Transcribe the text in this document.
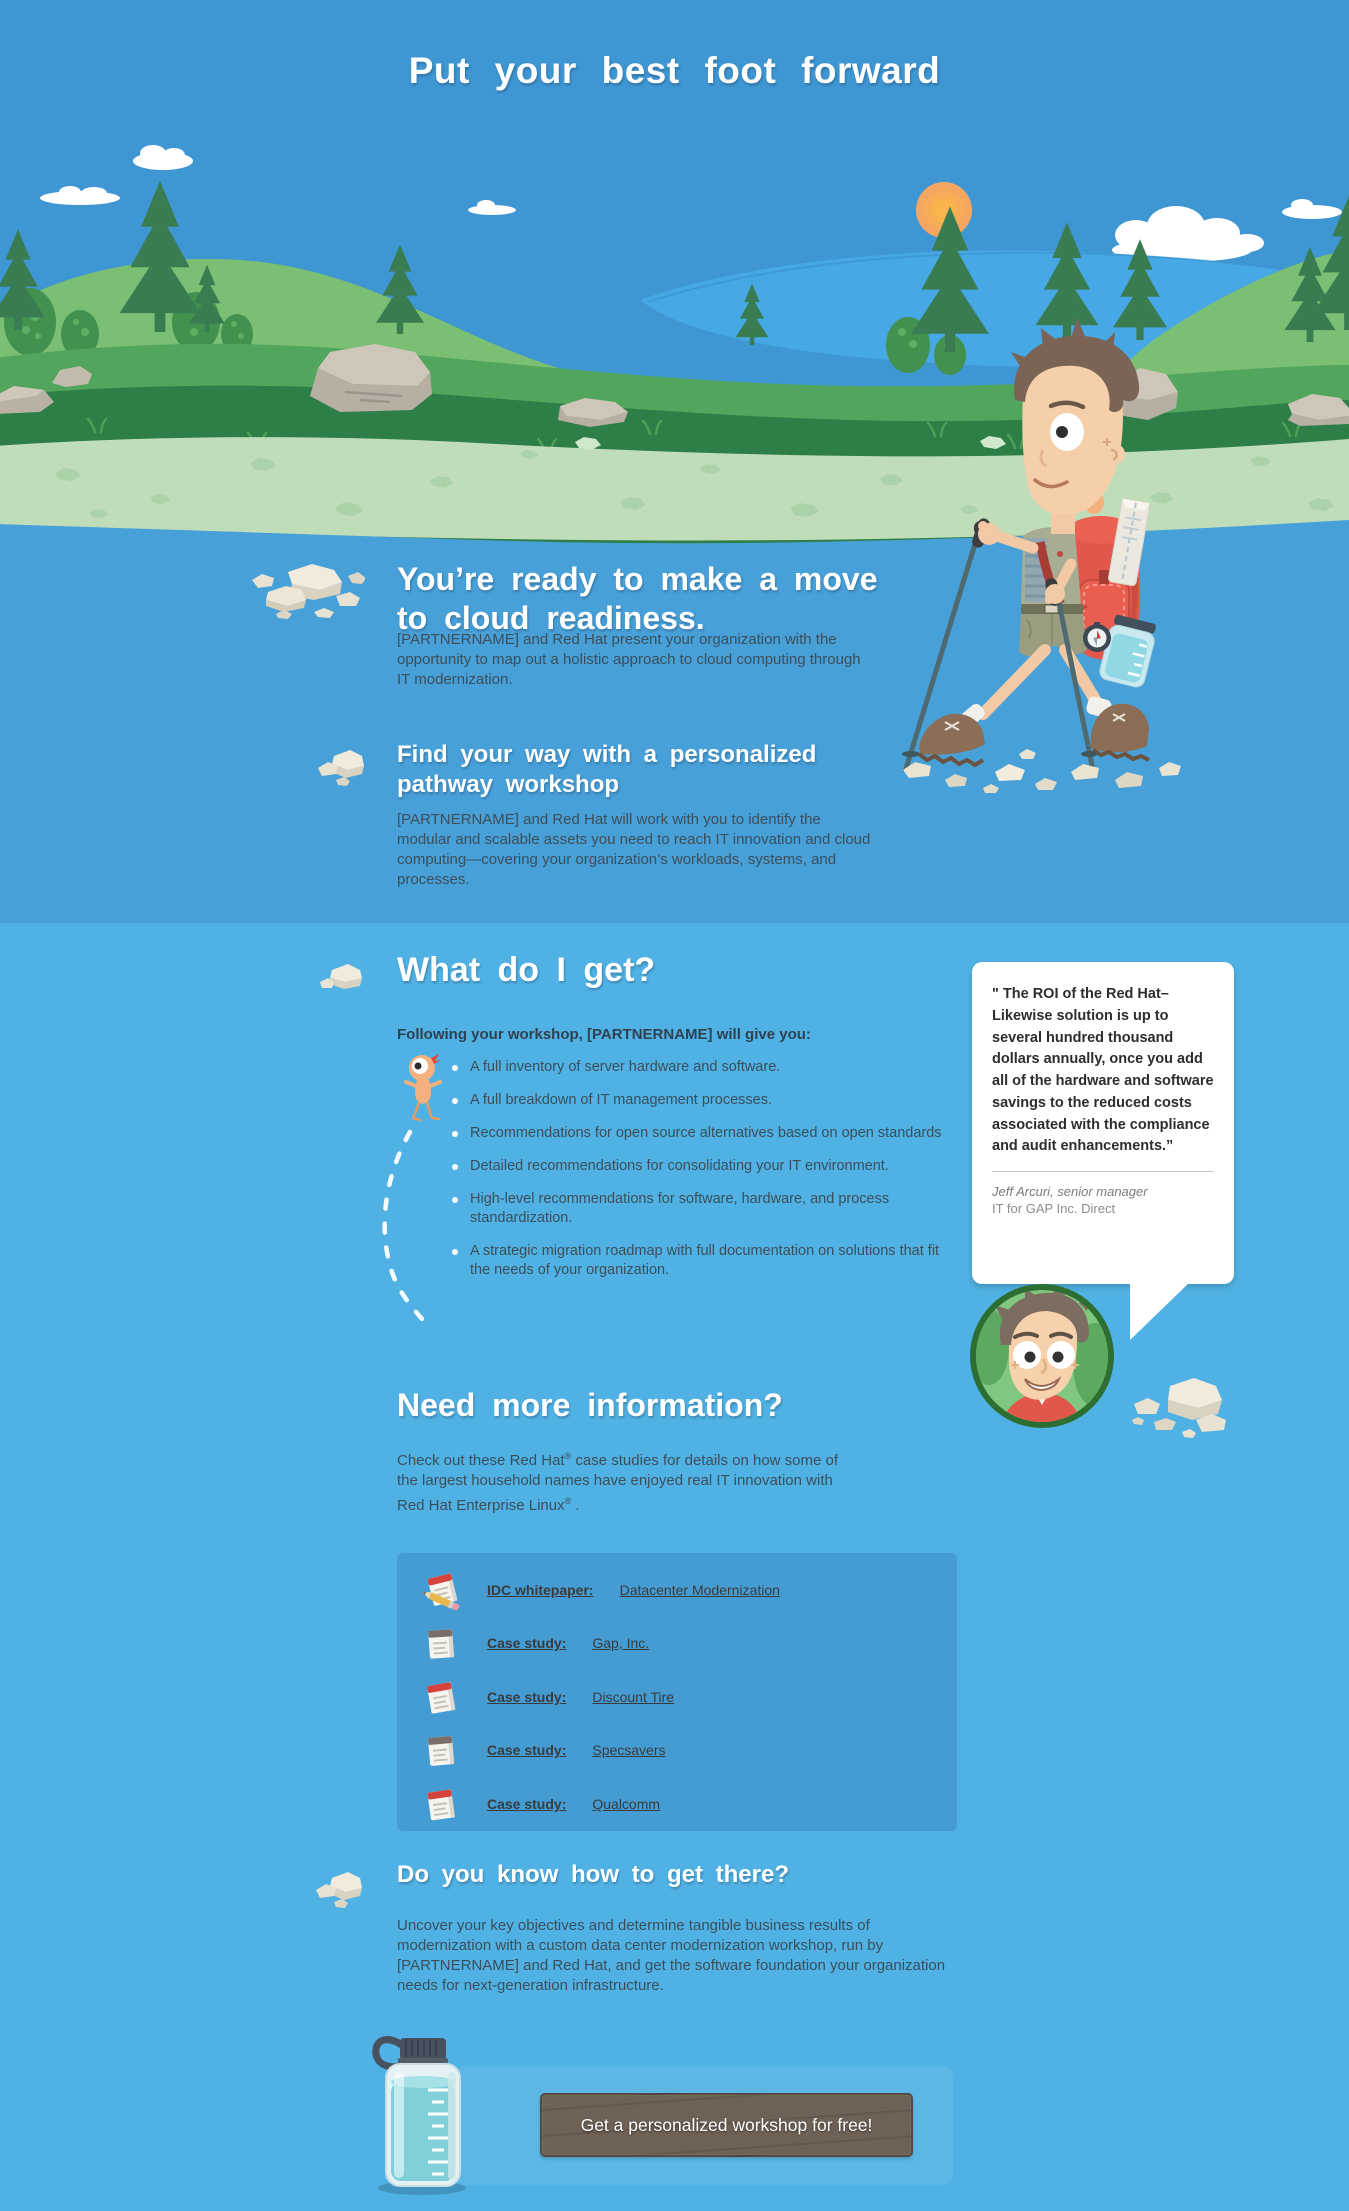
Put your best foot forward
You’re ready to make a move to cloud readiness.

[PARTNERNAME] and Red Hat present your organization with the opportunity to map out a holistic approach to cloud computing through IT modernization.

Find your way with a personalized pathway workshop

[PARTNERNAME] and Red Hat will work with you to identify the modular and scalable assets you need to reach IT innovation and cloud computing—covering your organization’s workloads, systems, and processes.

What do I get?

Following your workshop, [PARTNERNAME] will give you:

A full inventory of server hardware and software.
A full breakdown of IT management processes.
Recommendations for open source alternatives based on open standards
Detailed recommendations for consolidating your IT environment.
High-level recommendations for software, hardware, and process standardization.
A strategic migration roadmap with full documentation on solutions that fit the needs of your organization.

" The ROI of the Red Hat–Likewise solution is up to several hundred thousand dollars annually, once you add all of the hardware and software savings to the reduced costs associated with the compliance and audit enhancements.”

Jeff Arcuri, senior manager
IT for GAP Inc. Direct
Need more information?

Check out these Red Hat® case studies for details on how some of the largest household names have enjoyed real IT innovation with Red Hat Enterprise Linux® .

IDC whitepaper: Datacenter Modernization
Case study: Gap, Inc.
Case study: Discount Tire
Case study: Specsavers
Case study: Qualcomm
Do you know how to get there?

Uncover your key objectives and determine tangible business results of modernization with a custom data center modernization workshop, run by [PARTNERNAME] and Red Hat, and get the software foundation your organization needs for next-generation infrastructure.

Get a personalized workshop for free!
